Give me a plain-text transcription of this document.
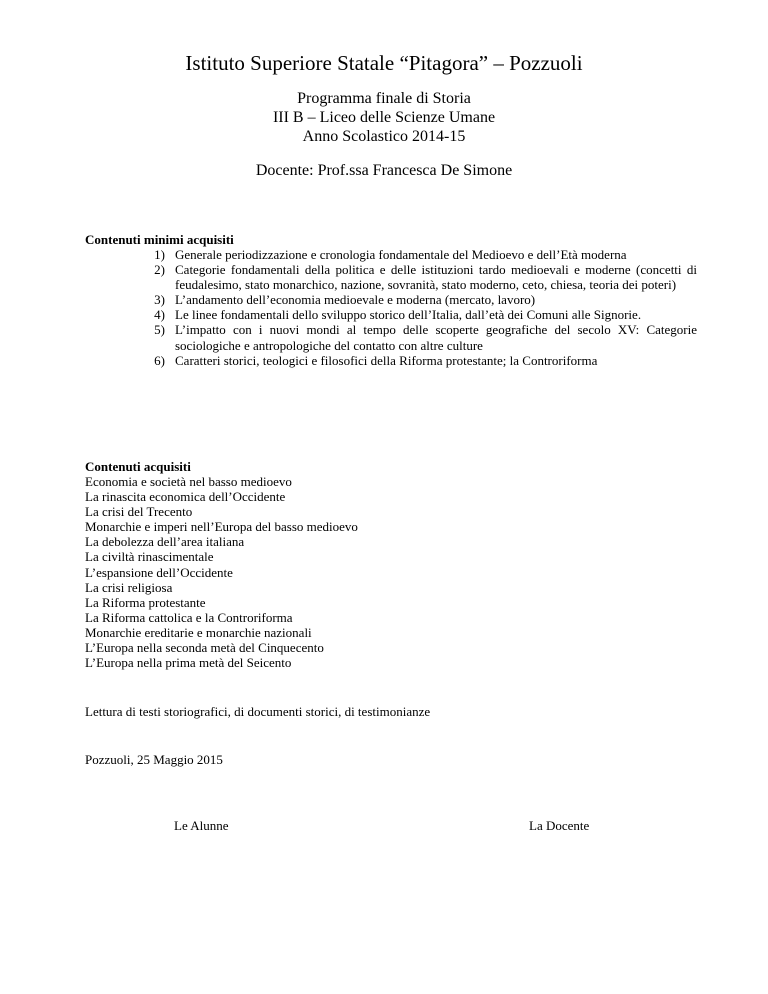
Istituto Superiore Statale “Pitagora” – Pozzuoli
Programma finale di Storia
III B – Liceo delle Scienze Umane
Anno Scolastico 2014-15
Docente: Prof.ssa Francesca De Simone
Contenuti minimi acquisiti
1) Generale periodizzazione e cronologia fondamentale del Medioevo e dell’Età moderna
2) Categorie fondamentali della politica e delle istituzioni tardo medioevali e moderne (concetti di feudalesimo, stato monarchico, nazione, sovranità, stato moderno, ceto, chiesa, teoria dei poteri)
3) L’andamento dell’economia medioevale e moderna (mercato, lavoro)
4) Le linee fondamentali dello sviluppo storico dell’Italia, dall’età dei Comuni alle Signorie.
5) L’impatto con i nuovi mondi al tempo delle scoperte geografiche del secolo XV: Categorie sociologiche e antropologiche del contatto con altre culture
6) Caratteri storici, teologici e filosofici della Riforma protestante; la Controriforma
Contenuti acquisiti
Economia e società nel basso medioevo
La rinascita economica dell’Occidente
La crisi del Trecento
Monarchie e imperi nell’Europa del basso medioevo
La debolezza dell’area italiana
La civiltà rinascimentale
L’espansione dell’Occidente
La crisi religiosa
La Riforma protestante
La Riforma cattolica e la Controriforma
Monarchie ereditarie e monarchie nazionali
L’Europa nella seconda metà del Cinquecento
L’Europa nella prima metà del Seicento
Lettura di testi storiografici, di documenti storici, di testimonianze
Pozzuoli, 25 Maggio 2015
Le Alunne	La Docente
